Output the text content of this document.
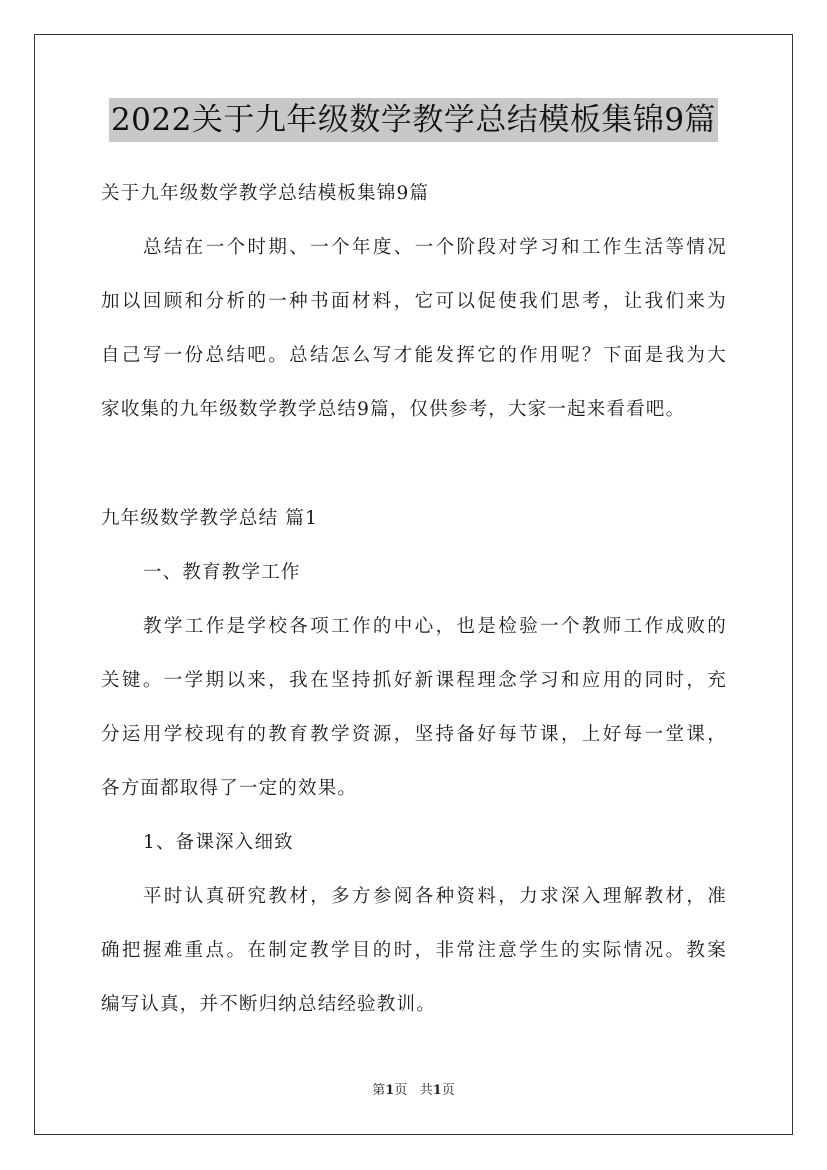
2022关于九年级数学教学总结模板集锦9篇
关于九年级数学教学总结模板集锦9篇
总结在一个时期、一个年度、一个阶段对学习和工作生活等情况
加以回顾和分析的一种书面材料，它可以促使我们思考，让我们来为
自己写一份总结吧。总结怎么写才能发挥它的作用呢？下面是我为大
家收集的九年级数学教学总结9篇，仅供参考，大家一起来看看吧。
九年级数学教学总结 篇1
一、教育教学工作
教学工作是学校各项工作的中心，也是检验一个教师工作成败的
关键。一学期以来，我在坚持抓好新课程理念学习和应用的同时，充
分运用学校现有的教育教学资源，坚持备好每节课，上好每一堂课，
各方面都取得了一定的效果。
1、备课深入细致
平时认真研究教材，多方参阅各种资料，力求深入理解教材，准
确把握难重点。在制定教学目的时，非常注意学生的实际情况。教案
编写认真，并不断归纳总结经验教训。
第1页 共1页
